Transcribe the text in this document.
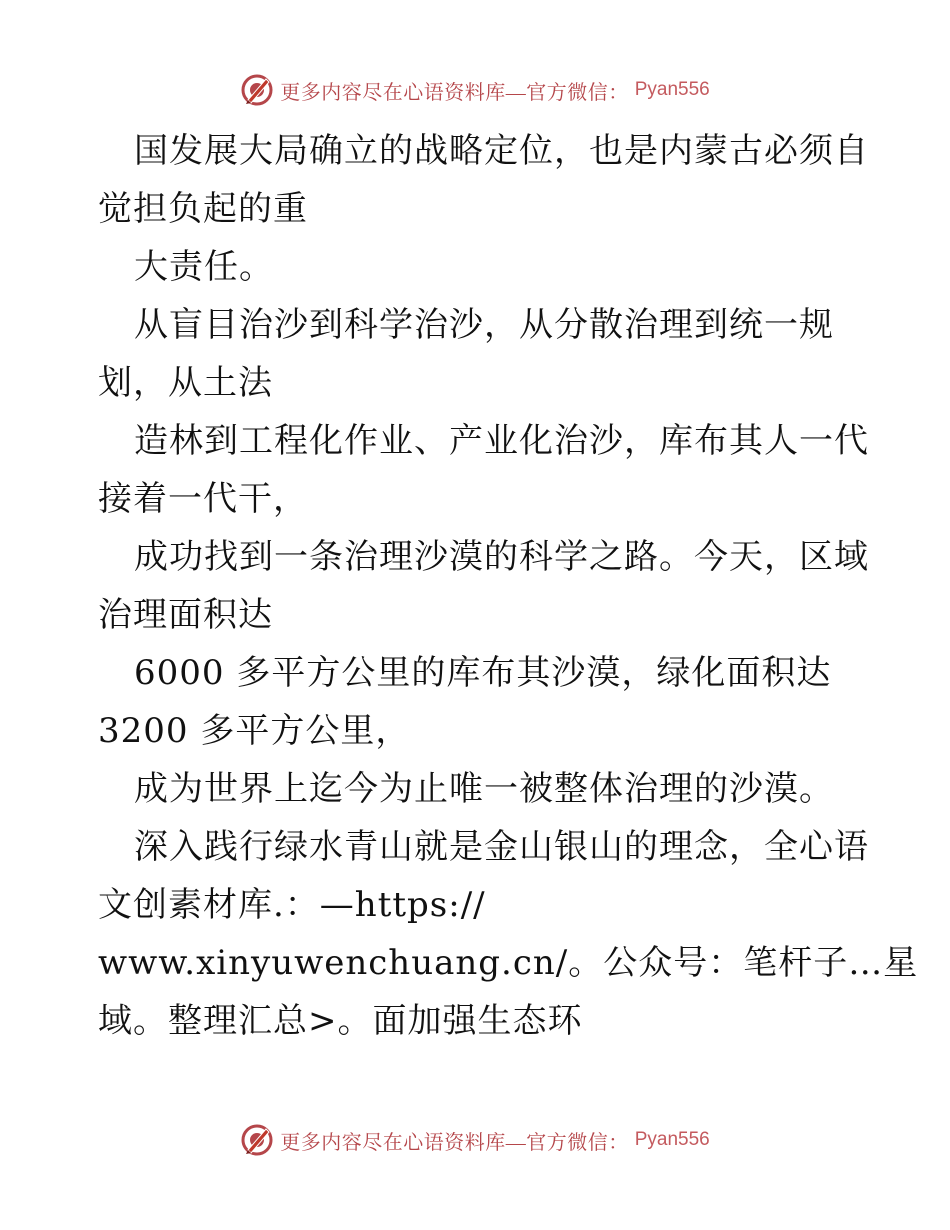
更多内容尽在心语资料库—官方微信： Pyan556
国发展大局确立的战略定位，也是内蒙古必须自
觉担负起的重
大责任。
从盲目治沙到科学治沙，从分散治理到统一规
划，从土法
造林到工程化作业、产业化治沙，库布其人一代
接着一代干，
成功找到一条治理沙漠的科学之路。今天，区域
治理面积达
6000 多平方公里的库布其沙漠，绿化面积达
3200 多平方公里，
成为世界上迄今为止唯一被整体治理的沙漠。
深入践行绿水青山就是金山银山的理念，全心语
文创素材库.：—https://
www.xinyuwenchuang.cn/。公众号：笔杆子…星
域。整理汇总>。面加强生态环
更多内容尽在心语资料库—官方微信： Pyan556
